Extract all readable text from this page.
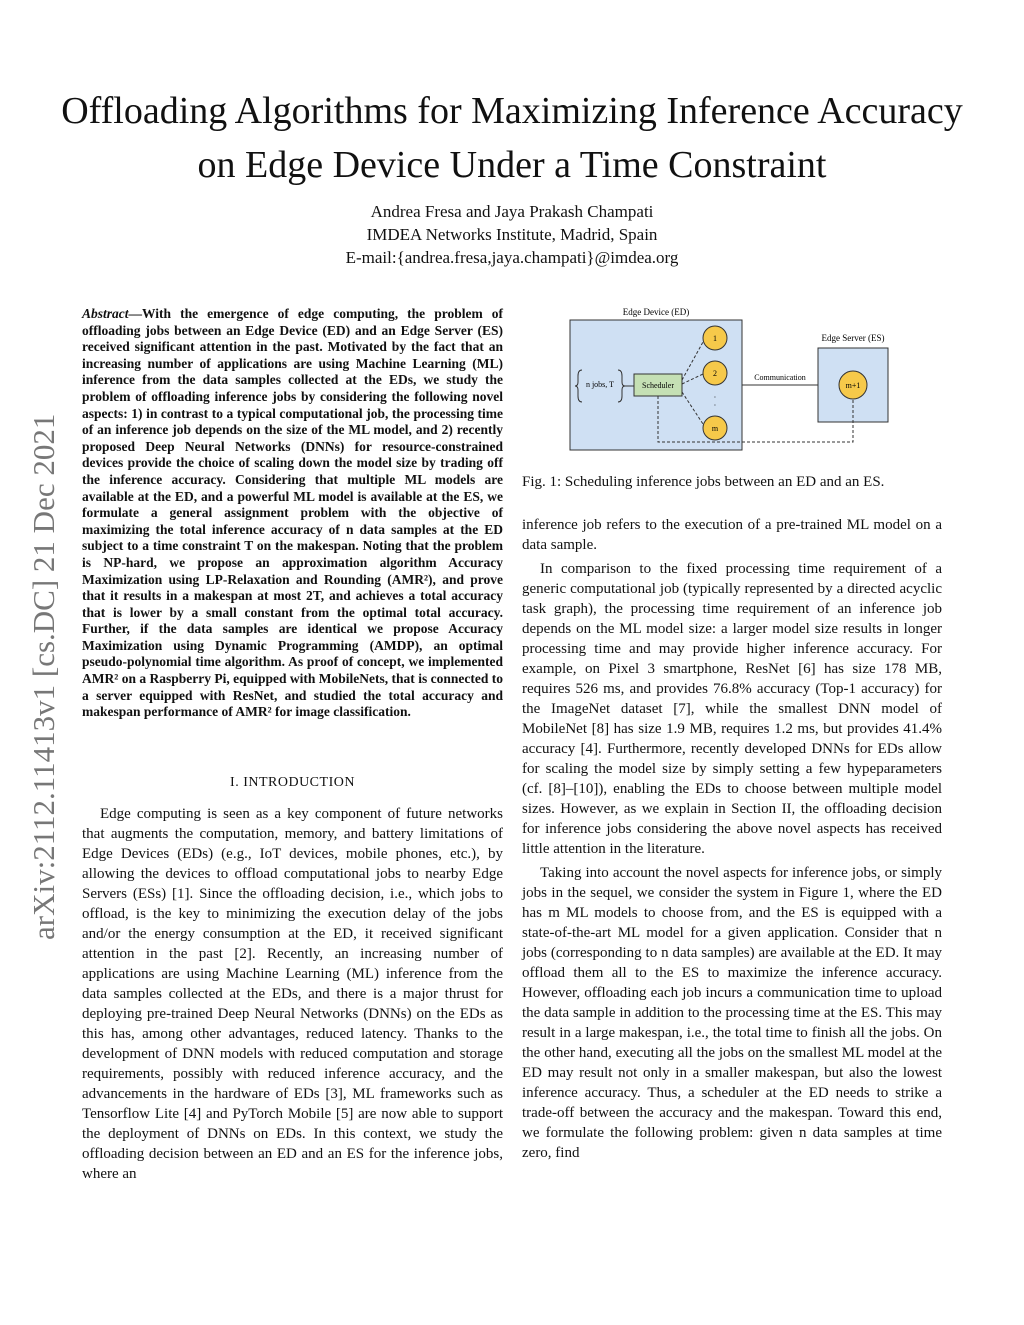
Offloading Algorithms for Maximizing Inference Accuracy on Edge Device Under a Time Constraint
Andrea Fresa and Jaya Prakash Champati
IMDEA Networks Institute, Madrid, Spain
E-mail:{andrea.fresa,jaya.champati}@imdea.org
arXiv:2112.11413v1 [cs.DC] 21 Dec 2021
Abstract—With the emergence of edge computing, the problem of offloading jobs between an Edge Device (ED) and an Edge Server (ES) received significant attention in the past. Motivated by the fact that an increasing number of applications are using Machine Learning (ML) inference from the data samples collected at the EDs, we study the problem of offloading inference jobs by considering the following novel aspects: 1) in contrast to a typical computational job, the processing time of an inference job depends on the size of the ML model, and 2) recently proposed Deep Neural Networks (DNNs) for resource-constrained devices provide the choice of scaling down the model size by trading off the inference accuracy. Considering that multiple ML models are available at the ED, and a powerful ML model is available at the ES, we formulate a general assignment problem with the objective of maximizing the total inference accuracy of n data samples at the ED subject to a time constraint T on the makespan. Noting that the problem is NP-hard, we propose an approximation algorithm Accuracy Maximization using LP-Relaxation and Rounding (AMR²), and prove that it results in a makespan at most 2T, and achieves a total accuracy that is lower by a small constant from the optimal total accuracy. Further, if the data samples are identical we propose Accuracy Maximization using Dynamic Programming (AMDP), an optimal pseudo-polynomial time algorithm. As proof of concept, we implemented AMR² on a Raspberry Pi, equipped with MobileNets, that is connected to a server equipped with ResNet, and studied the total accuracy and makespan performance of AMR² for image classification.
I. INTRODUCTION
Edge computing is seen as a key component of future networks that augments the computation, memory, and battery limitations of Edge Devices (EDs) (e.g., IoT devices, mobile phones, etc.), by allowing the devices to offload computational jobs to nearby Edge Servers (ESs) [1]. Since the offloading decision, i.e., which jobs to offload, is the key to minimizing the execution delay of the jobs and/or the energy consumption at the ED, it received significant attention in the past [2]. Recently, an increasing number of applications are using Machine Learning (ML) inference from the data samples collected at the EDs, and there is a major thrust for deploying pre-trained Deep Neural Networks (DNNs) on the EDs as this has, among other advantages, reduced latency. Thanks to the development of DNN models with reduced computation and storage requirements, possibly with reduced inference accuracy, and the advancements in the hardware of EDs [3], ML frameworks such as Tensorflow Lite [4] and PyTorch Mobile [5] are now able to support the deployment of DNNs on EDs. In this context, we study the offloading decision between an ED and an ES for the inference jobs, where an
Edge Device (ED)
Edge Server (ES)
n jobs, T	Scheduler
1
2
·
·
m
m+1
Communication
Fig. 1: Scheduling inference jobs between an ED and an ES.

inference job refers to the execution of a pre-trained ML model on a data sample.

In comparison to the fixed processing time requirement of a generic computational job (typically represented by a directed acyclic task graph), the processing time requirement of an inference job depends on the ML model size: a larger model size results in longer processing time and may provide higher inference accuracy. For example, on Pixel 3 smartphone, ResNet [6] has size 178 MB, requires 526 ms, and provides 76.8% accuracy (Top-1 accuracy) for the ImageNet dataset [7], while the smallest DNN model of MobileNet [8] has size 1.9 MB, requires 1.2 ms, but provides 41.4% accuracy [4]. Furthermore, recently developed DNNs for EDs allow for scaling the model size by simply setting a few hypeparameters (cf. [8]–[10]), enabling the EDs to choose between multiple model sizes. However, as we explain in Section II, the offloading decision for inference jobs considering the above novel aspects has received little attention in the literature.

Taking into account the novel aspects for inference jobs, or simply jobs in the sequel, we consider the system in Figure 1, where the ED has m ML models to choose from, and the ES is equipped with a state-of-the-art ML model for a given application. Consider that n jobs (corresponding to n data samples) are available at the ED. It may offload them all to the ES to maximize the inference accuracy. However, offloading each job incurs a communication time to upload the data sample in addition to the processing time at the ES. This may result in a large makespan, i.e., the total time to finish all the jobs. On the other hand, executing all the jobs on the smallest ML model at the ED may result not only in a smaller makespan, but also the lowest inference accuracy. Thus, a scheduler at the ED needs to strike a trade-off between the accuracy and the makespan. Toward this end, we formulate the following problem: given n data samples at time zero, find
